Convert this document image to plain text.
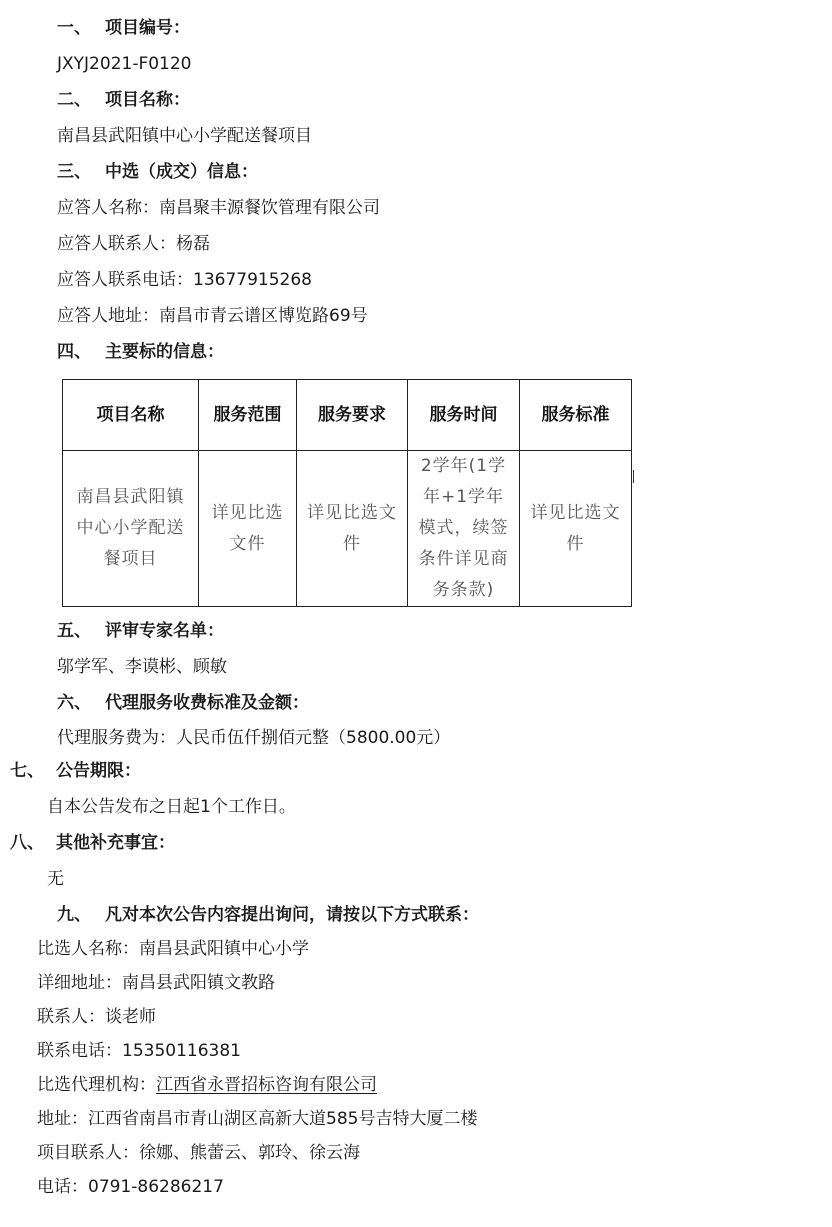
一、 项目编号：
JXYJ2021-F0120
二、 项目名称：
南昌县武阳镇中心小学配送餐项目
三、 中选（成交）信息：
应答人名称：南昌聚丰源餐饮管理有限公司
应答人联系人：杨磊
应答人联系电话：13677915268
应答人地址：南昌市青云谱区博览路69号
四、 主要标的信息：
项目名称	服务范围	服务要求	服务时间	服务标准
南昌县武阳镇中心小学配送餐项目	详见比选文件	详见比选文件	2学年(1学年+1学年模式，续签条件详见商务条款)	详见比选文件
五、 评审专家名单：
邬学军、李谟彬、顾敏
六、 代理服务收费标准及金额：
代理服务费为：人民币伍仟捌佰元整（5800.00元）
七、 公告期限：
自本公告发布之日起1个工作日。
八、 其他补充事宜：
无
九、 凡对本次公告内容提出询问，请按以下方式联系：
比选人名称：南昌县武阳镇中心小学
详细地址：南昌县武阳镇文教路
联系人：谈老师
联系电话：15350116381
比选代理机构：江西省永晋招标咨询有限公司
地址：江西省南昌市青山湖区高新大道585号吉特大厦二楼
项目联系人：徐娜、熊蕾云、郭玲、徐云海
电话：0791-86286217
